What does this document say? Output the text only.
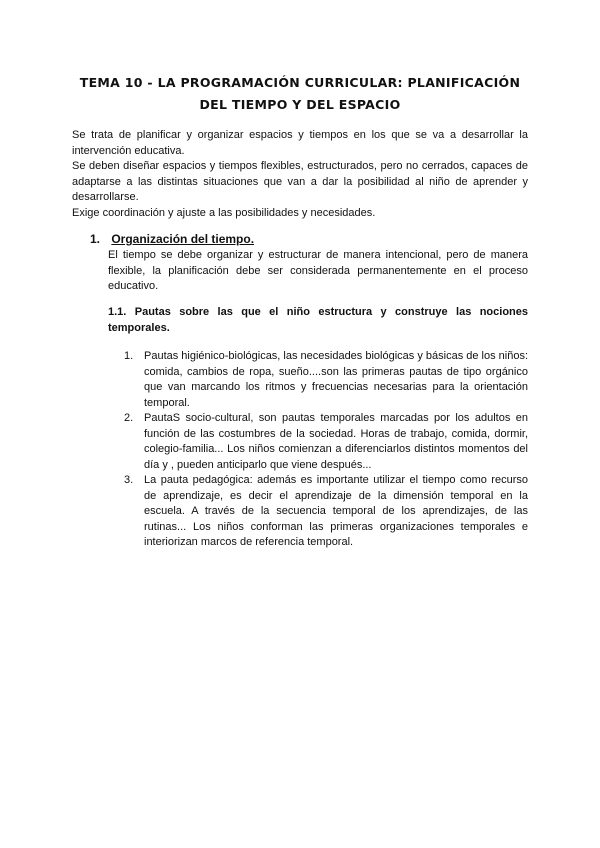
TEMA 10 - LA PROGRAMACIÓN CURRICULAR: PLANIFICACIÓN
DEL TIEMPO Y DEL ESPACIO

Se trata de planificar y organizar espacios y tiempos en los que se va a desarrollar la intervención educativa.

Se deben diseñar espacios y tiempos flexibles, estructurados, pero no cerrados, capaces de adaptarse a las distintas situaciones que van a dar la posibilidad al niño de aprender y desarrollarse.

Exige coordinación y ajuste a las posibilidades y necesidades.

1. Organización del tiempo.
El tiempo se debe organizar y estructurar de manera intencional, pero de manera flexible, la planificación debe ser considerada permanentemente en el proceso educativo.
1.1. Pautas sobre las que el niño estructura y construye las nociones temporales.
1. Pautas higiénico-biológicas, las necesidades biológicas y básicas de los niños: comida, cambios de ropa, sueño....son las primeras pautas de tipo orgánico que van marcando los ritmos y frecuencias necesarias para la orientación temporal.
2. PautaS socio-cultural, son pautas temporales marcadas por los adultos en función de las costumbres de la sociedad. Horas de trabajo, comida, dormir, colegio-familia... Los niños comienzan a diferenciarlos distintos momentos del día y , pueden anticiparlo que viene después...
3. La pauta pedagógica: además es importante utilizar el tiempo como recurso de aprendizaje, es decir el aprendizaje de la dimensión temporal en la escuela. A través de la secuencia temporal de los aprendizajes, de las rutinas... Los niños conforman las primeras organizaciones temporales e interiorizan marcos de referencia temporal.
